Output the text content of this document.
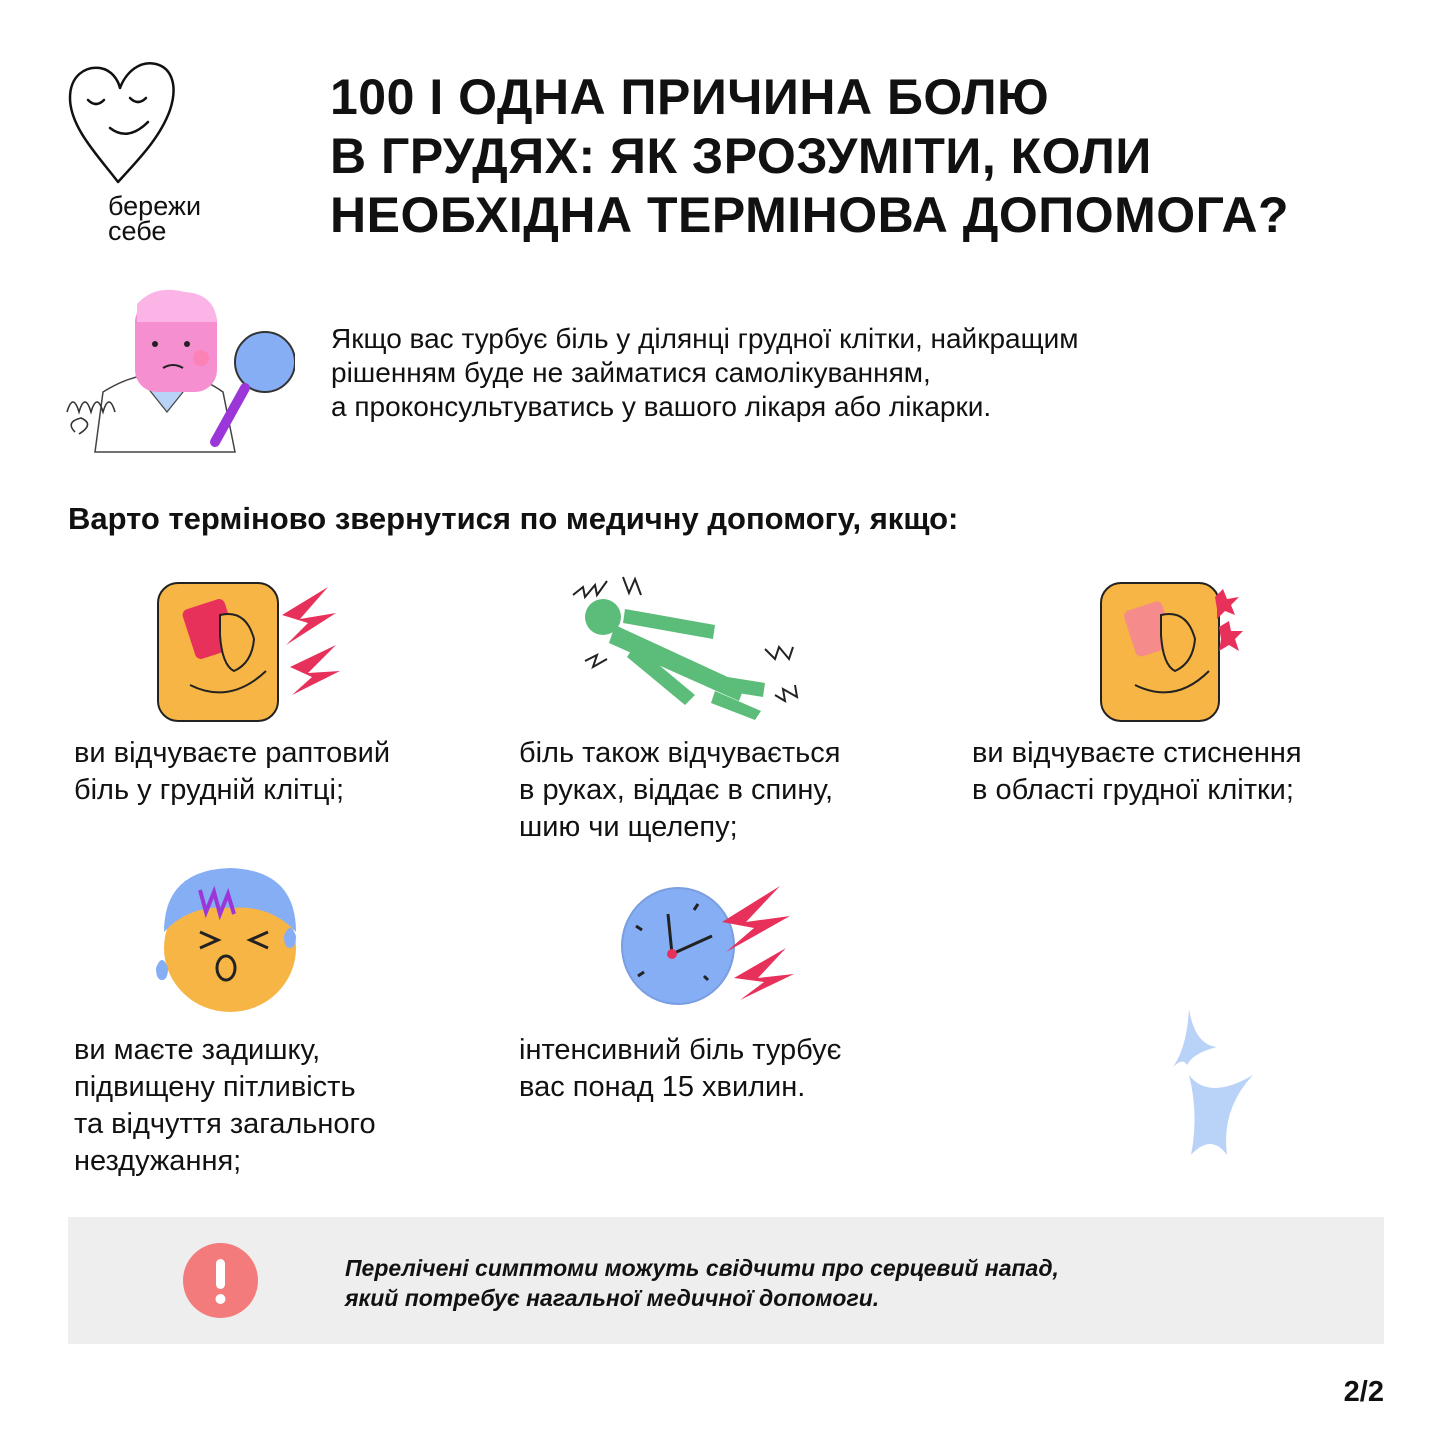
бережи
себе
100 І ОДНА ПРИЧИНА БОЛЮ
В ГРУДЯХ: ЯК ЗРОЗУМІТИ, КОЛИ
НЕОБХІДНА ТЕРМІНОВА ДОПОМОГА?
Якщо вас турбує біль у ділянці грудної клітки, найкращим
рішенням буде не займатися самолікуванням,
а проконсультуватись у вашого лікаря або лікарки.
Варто терміново звернутися по медичну допомогу, якщо:
ви відчуваєте раптовий
біль у грудній клітці;
біль також відчувається
в руках, віддає в спину,
шию чи щелепу;
ви відчуваєте стиснення
в області грудної клітки;
ви маєте задишку,
підвищену пітливість
та відчуття загального
нездужання;
інтенсивний біль турбує
вас понад 15 хвилин.
Перелічені симптоми можуть свідчити про серцевий напад,
який потребує нагальної медичної допомоги.
2/2
